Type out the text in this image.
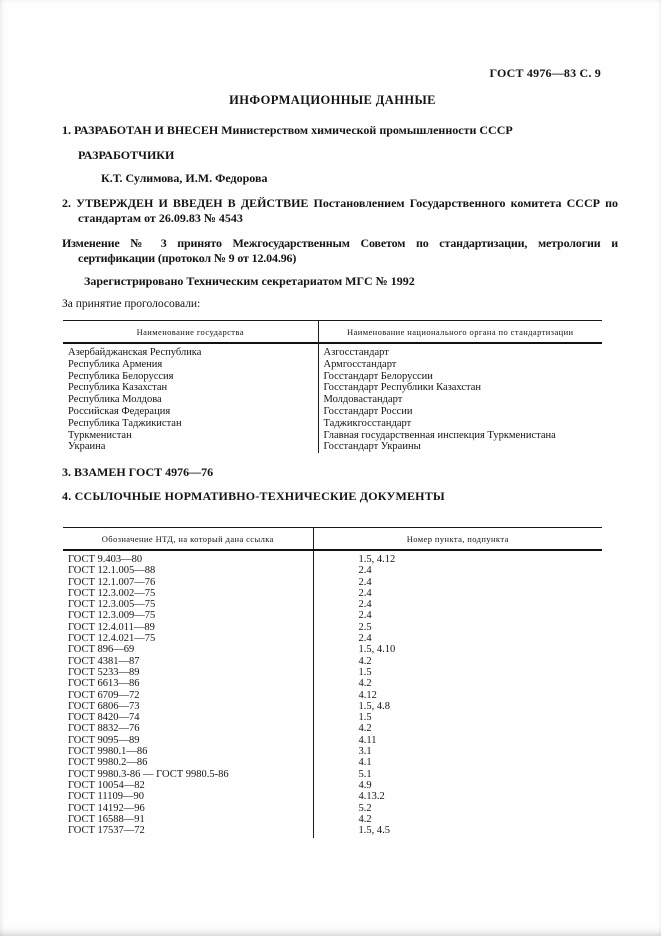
ГОСТ 4976—83 С. 9
ИНФОРМАЦИОННЫЕ ДАННЫЕ
1. РАЗРАБОТАН И ВНЕСЕН Министерством химической промышленности СССР
РАЗРАБОТЧИКИ
К.Т. Сулимова, И.М. Федорова
2. УТВЕРЖДЕН И ВВЕДЕН В ДЕЙСТВИЕ Постановлением Государственного комитета СССР по стандартам от 26.09.83 № 4543
Изменение № 3 принято Межгосударственным Советом по стандартизации, метрологии и сертификации (протокол № 9 от 12.04.96)
Зарегистрировано Техническим секретариатом МГС № 1992
За принятие проголосовали:
Наименование государства	Наименование национального органа по стандартизации
Азербайджанская Республика	Азгосстандарт
Республика Армения	Армгосстандарт
Республика Белоруссия	Госстандарт Белоруссии
Республика Казахстан	Госстандарт Республики Казахстан
Республика Молдова	Молдовастандарт
Российская Федерация	Госстандарт России
Республика Таджикистан	Таджикгосстандарт
Туркменистан	Главная государственная инспекция Туркменистана
Украина	Госстандарт Украины
3. ВЗАМЕН ГОСТ 4976—76
4. ССЫЛОЧНЫЕ НОРМАТИВНО-ТЕХНИЧЕСКИЕ ДОКУМЕНТЫ
Обозначение НТД, на который дана ссылка	Номер пункта, подпункта
ГОСТ 9.403—80	1.5, 4.12
ГОСТ 12.1.005—88	2.4
ГОСТ 12.1.007—76	2.4
ГОСТ 12.3.002—75	2.4
ГОСТ 12.3.005—75	2.4
ГОСТ 12.3.009—75	2.4
ГОСТ 12.4.011—89	2.5
ГОСТ 12.4.021—75	2.4
ГОСТ 896—69	1.5, 4.10
ГОСТ 4381—87	4.2
ГОСТ 5233—89	1.5
ГОСТ 6613—86	4.2
ГОСТ 6709—72	4.12
ГОСТ 6806—73	1.5, 4.8
ГОСТ 8420—74	1.5
ГОСТ 8832—76	4.2
ГОСТ 9095—89	4.11
ГОСТ 9980.1—86	3.1
ГОСТ 9980.2—86	4.1
ГОСТ 9980.3-86 — ГОСТ 9980.5-86	5.1
ГОСТ 10054—82	4.9
ГОСТ 11109—90	4.13.2
ГОСТ 14192—96	5.2
ГОСТ 16588—91	4.2
ГОСТ 17537—72	1.5, 4.5
